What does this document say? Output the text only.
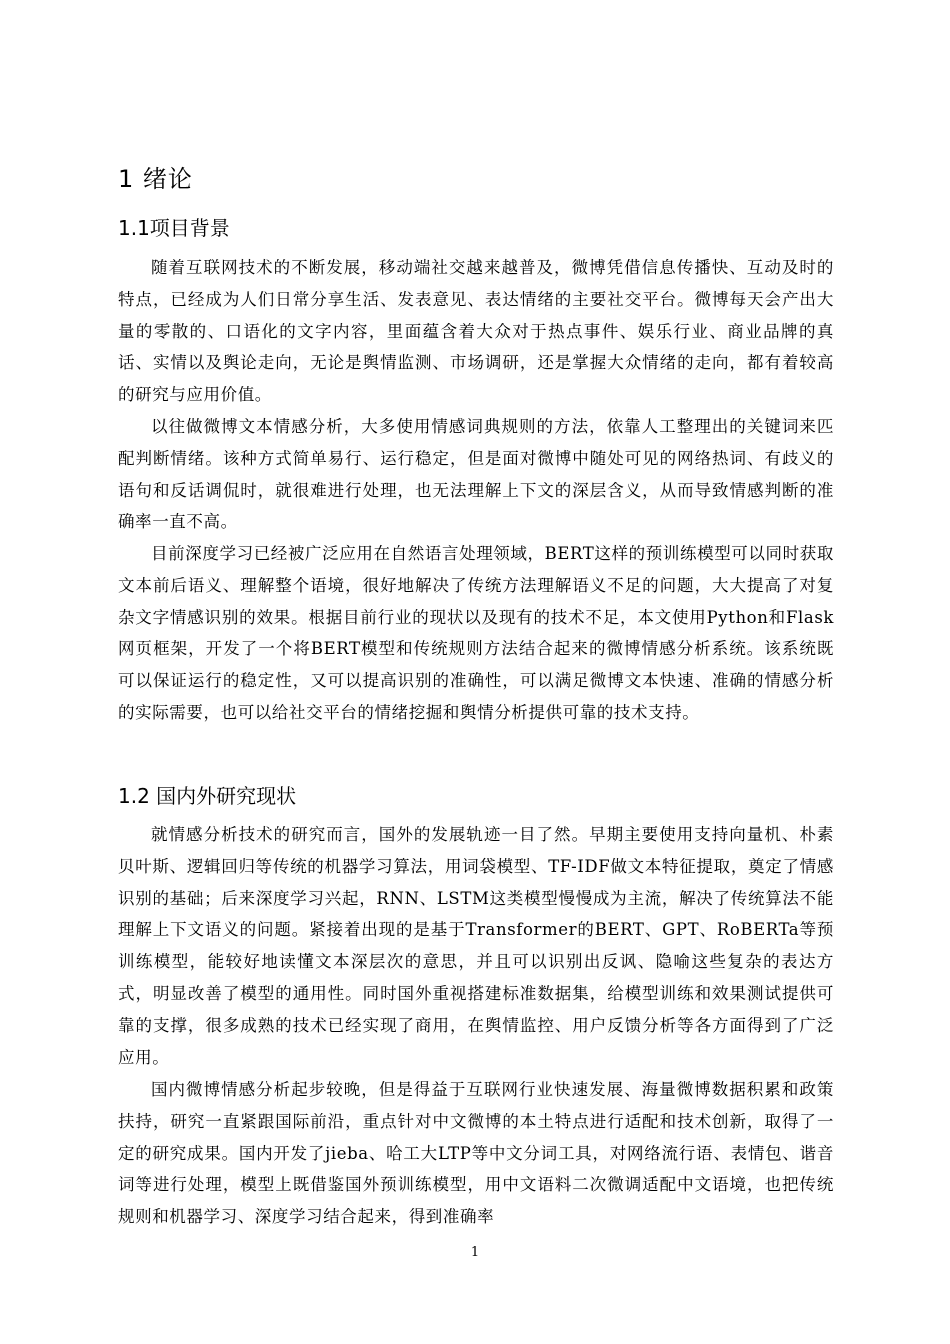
1 绪论
1.1项目背景

随着互联网技术的不断发展，移动端社交越来越普及，微博凭借信息传播快、互动及时的特点，已经成为人们日常分享生活、发表意见、表达情绪的主要社交平台。微博每天会产出大量的零散的、口语化的文字内容，里面蕴含着大众对于热点事件、娱乐行业、商业品牌的真话、实情以及舆论走向，无论是舆情监测、市场调研，还是掌握大众情绪的走向，都有着较高的研究与应用价值。

以往做微博文本情感分析，大多使用情感词典规则的方法，依靠人工整理出的关键词来匹配判断情绪。该种方式简单易行、运行稳定，但是面对微博中随处可见的网络热词、有歧义的语句和反话调侃时，就很难进行处理，也无法理解上下文的深层含义，从而导致情感判断的准确率一直不高。

目前深度学习已经被广泛应用在自然语言处理领域，BERT这样的预训练模型可以同时获取文本前后语义、理解整个语境，很好地解决了传统方法理解语义不足的问题，大大提高了对复杂文字情感识别的效果。根据目前行业的现状以及现有的技术不足，本文使用Python和Flask网页框架，开发了一个将BERT模型和传统规则方法结合起来的微博情感分析系统。该系统既可以保证运行的稳定性，又可以提高识别的准确性，可以满足微博文本快速、准确的情感分析的实际需要，也可以给社交平台的情绪挖掘和舆情分析提供可靠的技术支持。

1.2 国内外研究现状

就情感分析技术的研究而言，国外的发展轨迹一目了然。早期主要使用支持向量机、朴素贝叶斯、逻辑回归等传统的机器学习算法，用词袋模型、TF-IDF做文本特征提取，奠定了情感识别的基础；后来深度学习兴起，RNN、LSTM这类模型慢慢成为主流，解决了传统算法不能理解上下文语义的问题。紧接着出现的是基于Transformer的BERT、GPT、RoBERTa等预训练模型，能较好地读懂文本深层次的意思，并且可以识别出反讽、隐喻这些复杂的表达方式，明显改善了模型的通用性。同时国外重视搭建标准数据集，给模型训练和效果测试提供可靠的支撑，很多成熟的技术已经实现了商用，在舆情监控、用户反馈分析等各方面得到了广泛应用。

国内微博情感分析起步较晚，但是得益于互联网行业快速发展、海量微博数据积累和政策扶持，研究一直紧跟国际前沿，重点针对中文微博的本土特点进行适配和技术创新，取得了一定的研究成果。国内开发了jieba、哈工大LTP等中文分词工具，对网络流行语、表情包、谐音词等进行处理，模型上既借鉴国外预训练模型，用中文语料二次微调适配中文语境，也把传统规则和机器学习、深度学习结合起来，得到准确率

1
